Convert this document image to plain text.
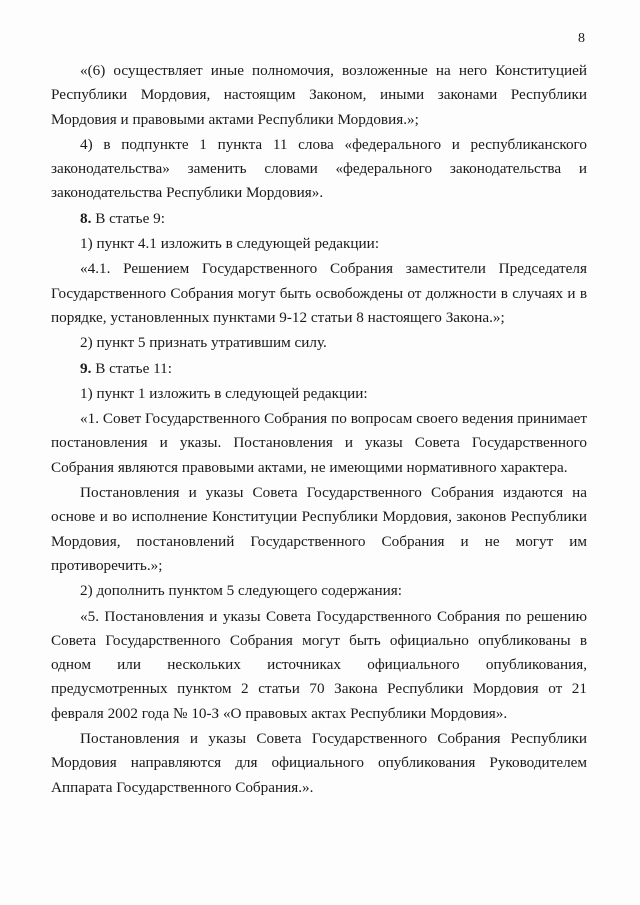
8

«(6) осуществляет иные полномочия, возложенные на него Конституцией Республики Мордовия, настоящим Законом, иными законами Республики Мордовия и правовыми актами Республики Мордовия.»;

4) в подпункте 1 пункта 11 слова «федерального и республиканского законодательства» заменить словами «федерального законодательства и законодательства Республики Мордовия».

8. В статье 9:

1) пункт 4.1 изложить в следующей редакции:

«4.1. Решением Государственного Собрания заместители Председателя Государственного Собрания могут быть освобождены от должности в случаях и в порядке, установленных пунктами 9-12 статьи 8 настоящего Закона.»;

2) пункт 5 признать утратившим силу.

9. В статье 11:

1) пункт 1 изложить в следующей редакции:

«1. Совет Государственного Собрания по вопросам своего ведения принимает постановления и указы. Постановления и указы Совета Государственного Собрания являются правовыми актами, не имеющими нормативного характера.

Постановления и указы Совета Государственного Собрания издаются на основе и во исполнение Конституции Республики Мордовия, законов Республики Мордовия, постановлений Государственного Собрания и не могут им противоречить.»;

2) дополнить пунктом 5 следующего содержания:

«5. Постановления и указы Совета Государственного Собрания по решению Совета Государственного Собрания могут быть официально опубликованы в одном или нескольких источниках официального опубликования, предусмотренных пунктом 2 статьи 70 Закона Республики Мордовия от 21 февраля 2002 года № 10-З «О правовых актах Республики Мордовия».

Постановления и указы Совета Государственного Собрания Республики Мордовия направляются для официального опубликования Руководителем Аппарата Государственного Собрания.».
